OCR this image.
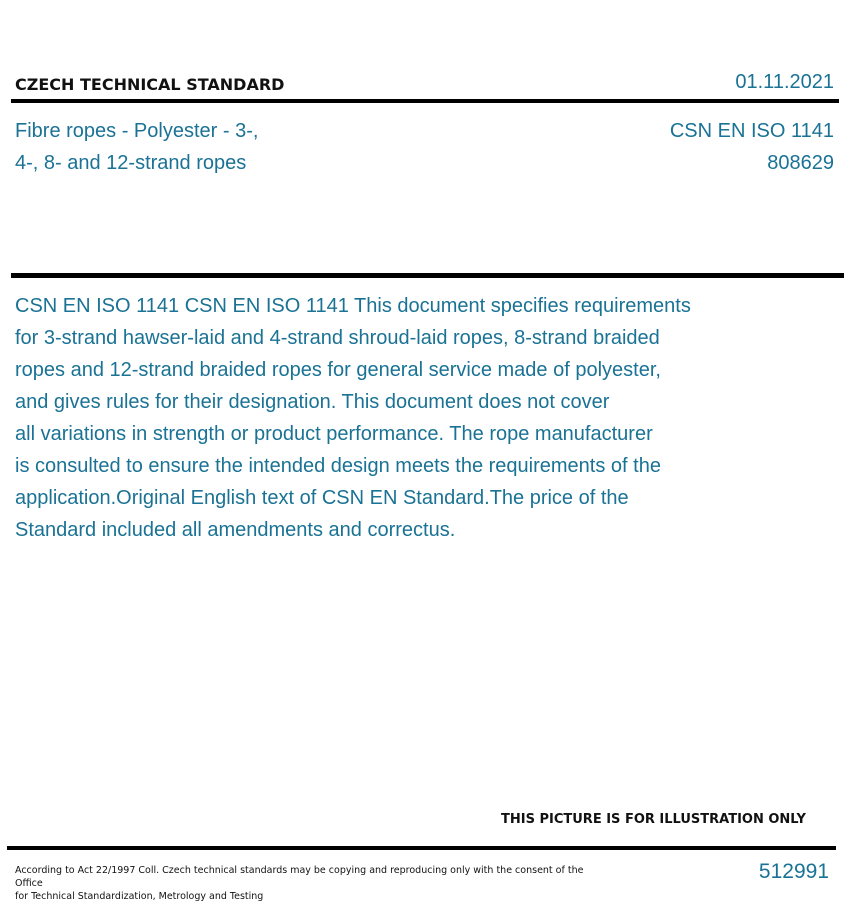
CZECH TECHNICAL STANDARD	01.11.2021
Fibre ropes - Polyester - 3-,
4-, 8- and 12-strand ropes
CSN EN ISO 1141
808629
CSN EN ISO 1141 CSN EN ISO 1141 This document specifies requirements
for 3-strand hawser-laid and 4-strand shroud-laid ropes, 8-strand braided
ropes and 12-strand braided ropes for general service made of polyester,
and gives rules for their designation. This document does not cover
all variations in strength or product performance. The rope manufacturer
is consulted to ensure the intended design meets the requirements of the
application.Original English text of CSN EN Standard.The price of the
Standard included all amendments and correctus.
THIS PICTURE IS FOR ILLUSTRATION ONLY
According to Act 22/1997 Coll. Czech technical standards may be copying and reproducing only with the consent of the Office
for Technical Standardization, Metrology and Testing
512991
